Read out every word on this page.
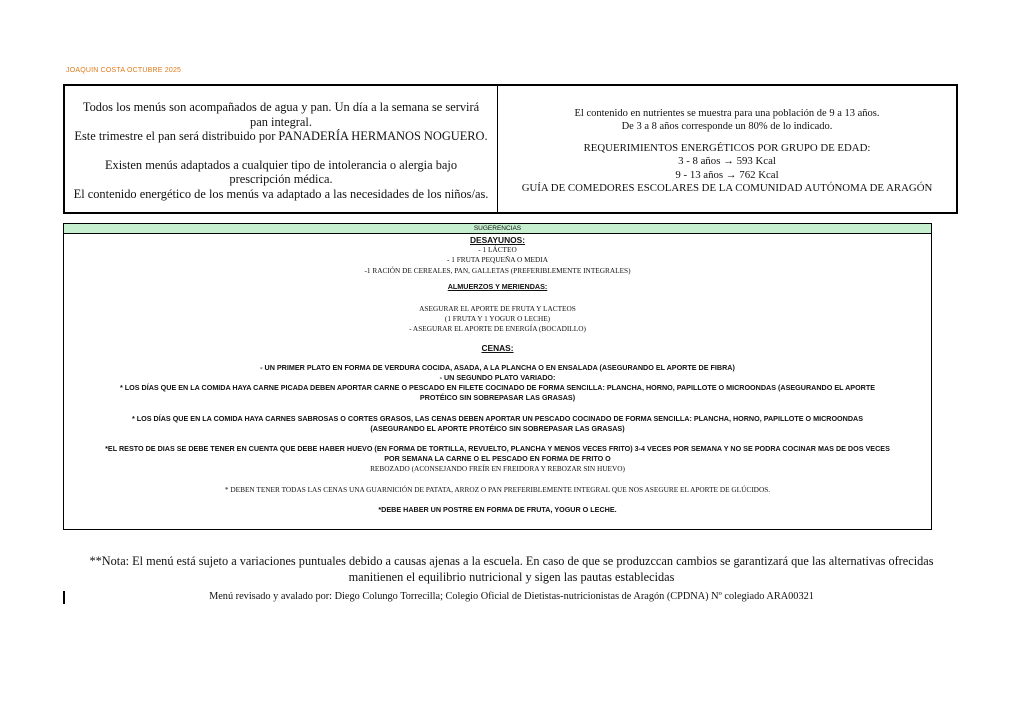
JOAQUIN COSTA OCTUBRE 2025
Todos los menús son acompañados de agua y pan. Un día a la semana se servirá pan integral.
Este trimestre el pan será distribuido por PANADERÍA HERMANOS NOGUERO.
Existen menús adaptados a cualquier tipo de intolerancia o alergia bajo prescripción médica.
El contenido energético de los menús va adaptado a las necesidades de los niños/as.
El contenido en nutrientes se muestra para una población de 9 a 13 años.
De 3 a 8 años corresponde un 80% de lo indicado.
REQUERIMIENTOS ENERGÉTICOS POR GRUPO DE EDAD:
3 - 8 años → 593 Kcal
9 - 13 años → 762 Kcal
GUÍA DE COMEDORES ESCOLARES DE LA COMUNIDAD AUTÓNOMA DE ARAGÓN
SUGERENCIAS
DESAYUNOS:
- 1 LÁCTEO
- 1 FRUTA PEQUEÑA O MEDIA
-1 RACIÓN DE CEREALES, PAN, GALLETAS (PREFERIBLEMENTE INTEGRALES)
ALMUERZOS Y MERIENDAS:
ASEGURAR EL APORTE DE FRUTA Y LACTEOS
(1 FRUTA Y 1 YOGUR O LECHE)
- ASEGURAR EL APORTE DE ENERGÍA (BOCADILLO)
CENAS:
- UN PRIMER PLATO EN FORMA DE VERDURA COCIDA, ASADA, A LA PLANCHA O EN ENSALADA (ASEGURANDO EL APORTE DE FIBRA)
- UN SEGUNDO PLATO VARIADO:
* LOS DÍAS QUE EN LA COMIDA HAYA CARNE PICADA DEBEN APORTAR CARNE O PESCADO EN FILETE COCINADO DE FORMA SENCILLA: PLANCHA, HORNO, PAPILLOTE O MICROONDAS (ASEGURANDO EL APORTE
PROTÉICO SIN SOBREPASAR LAS GRASAS)
* LOS DÍAS QUE EN LA COMIDA HAYA CARNES SABROSAS O CORTES GRASOS, LAS CENAS DEBEN APORTAR UN PESCADO COCINADO DE FORMA SENCILLA: PLANCHA, HORNO, PAPILLOTE O MICROONDAS
(ASEGURANDO EL APORTE PROTÉICO SIN SOBREPASAR LAS GRASAS)
*EL RESTO DE DIAS SE DEBE TENER EN CUENTA QUE DEBE HABER HUEVO (EN FORMA DE TORTILLA, REVUELTO, PLANCHA Y MENOS VECES FRITO) 3-4 VECES POR SEMANA Y NO SE PODRA COCINAR MAS DE DOS VECES
POR SEMANA LA CARNE O EL PESCADO EN FORMA DE FRITO O
REBOZADO (ACONSEJANDO FREÍR EN FREIDORA Y REBOZAR SIN HUEVO)
* DEBEN TENER TODAS LAS CENAS UNA GUARNICIÓN DE PATATA, ARROZ O PAN PREFERIBLEMENTE INTEGRAL QUE NOS ASEGURE EL APORTE DE GLÚCIDOS.
*DEBE HABER UN POSTRE EN FORMA DE FRUTA, YOGUR O LECHE.
**Nota: El menú está sujeto a variaciones puntuales debido a causas ajenas a la escuela. En caso de que se produzccan cambios se garantizará que las alternativas ofrecidas
manitienen el equilibrio nutricional y sigen las pautas establecidas
Menú revisado y avalado por: Diego Colungo Torrecilla; Colegio Oficial de Dietistas-nutricionistas de Aragón (CPDNA) Nº colegiado ARA00321
